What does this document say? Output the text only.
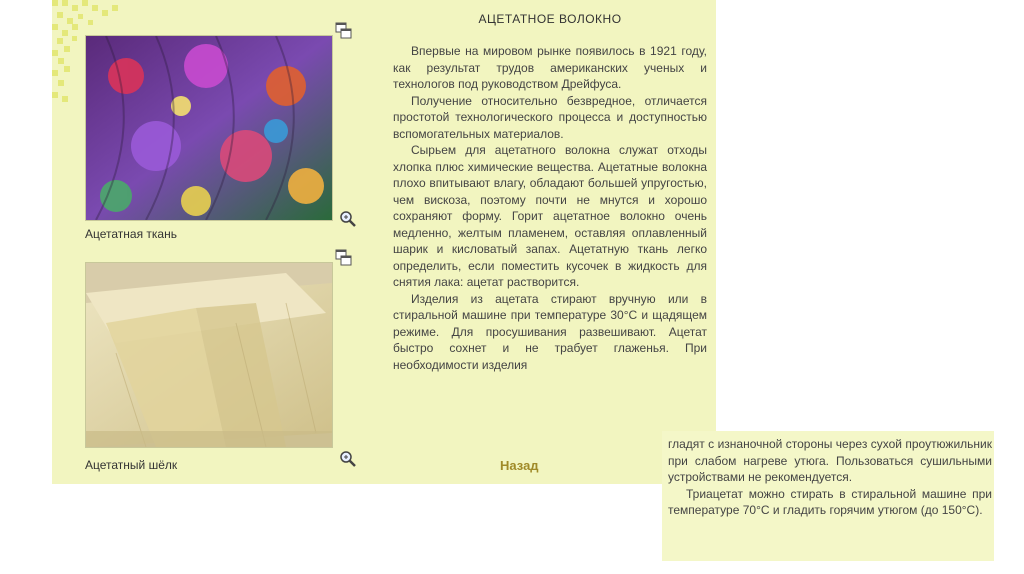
Ацетатная ткань
Ацетатный шёлк
АЦЕТАТНОЕ ВОЛОКНО

Впервые на мировом рынке появилось в 1921 году, как результат трудов американских ученых и технологов под руководством Дрейфуса.

Получение относительно безвредное, отличается простотой технологического процесса и доступностью вспомогательных материалов.

Сырьем для ацетатного волокна служат отходы хлопка плюс химические вещества. Ацетатные волокна плохо впитывают влагу, обладают большей упругостью, чем вискоза, поэтому почти не мнутся и хорошо сохраняют форму. Горит ацетатное волокно очень медленно, желтым пламенем, оставляя оплавленный шарик и кисловатый запах. Ацетатную ткань легко определить, если поместить кусочек в жидкость для снятия лака: ацетат растворится.

Изделия из ацетата стирают вручную или в стиральной машине при температуре 30°С и щадящем режиме. Для просушивания развешивают. Ацетат быстро сохнет и не трабует глаженья. При необходимости изделия

Назад

гладят с изнаночной стороны через сухой проутюжильник при слабом нагреве утюга. Пользоваться сушильными устройствами не рекомендуется.

Триацетат можно стирать в стиральной машине при температуре 70°С и гладить горячим утюгом (до 150°С).
